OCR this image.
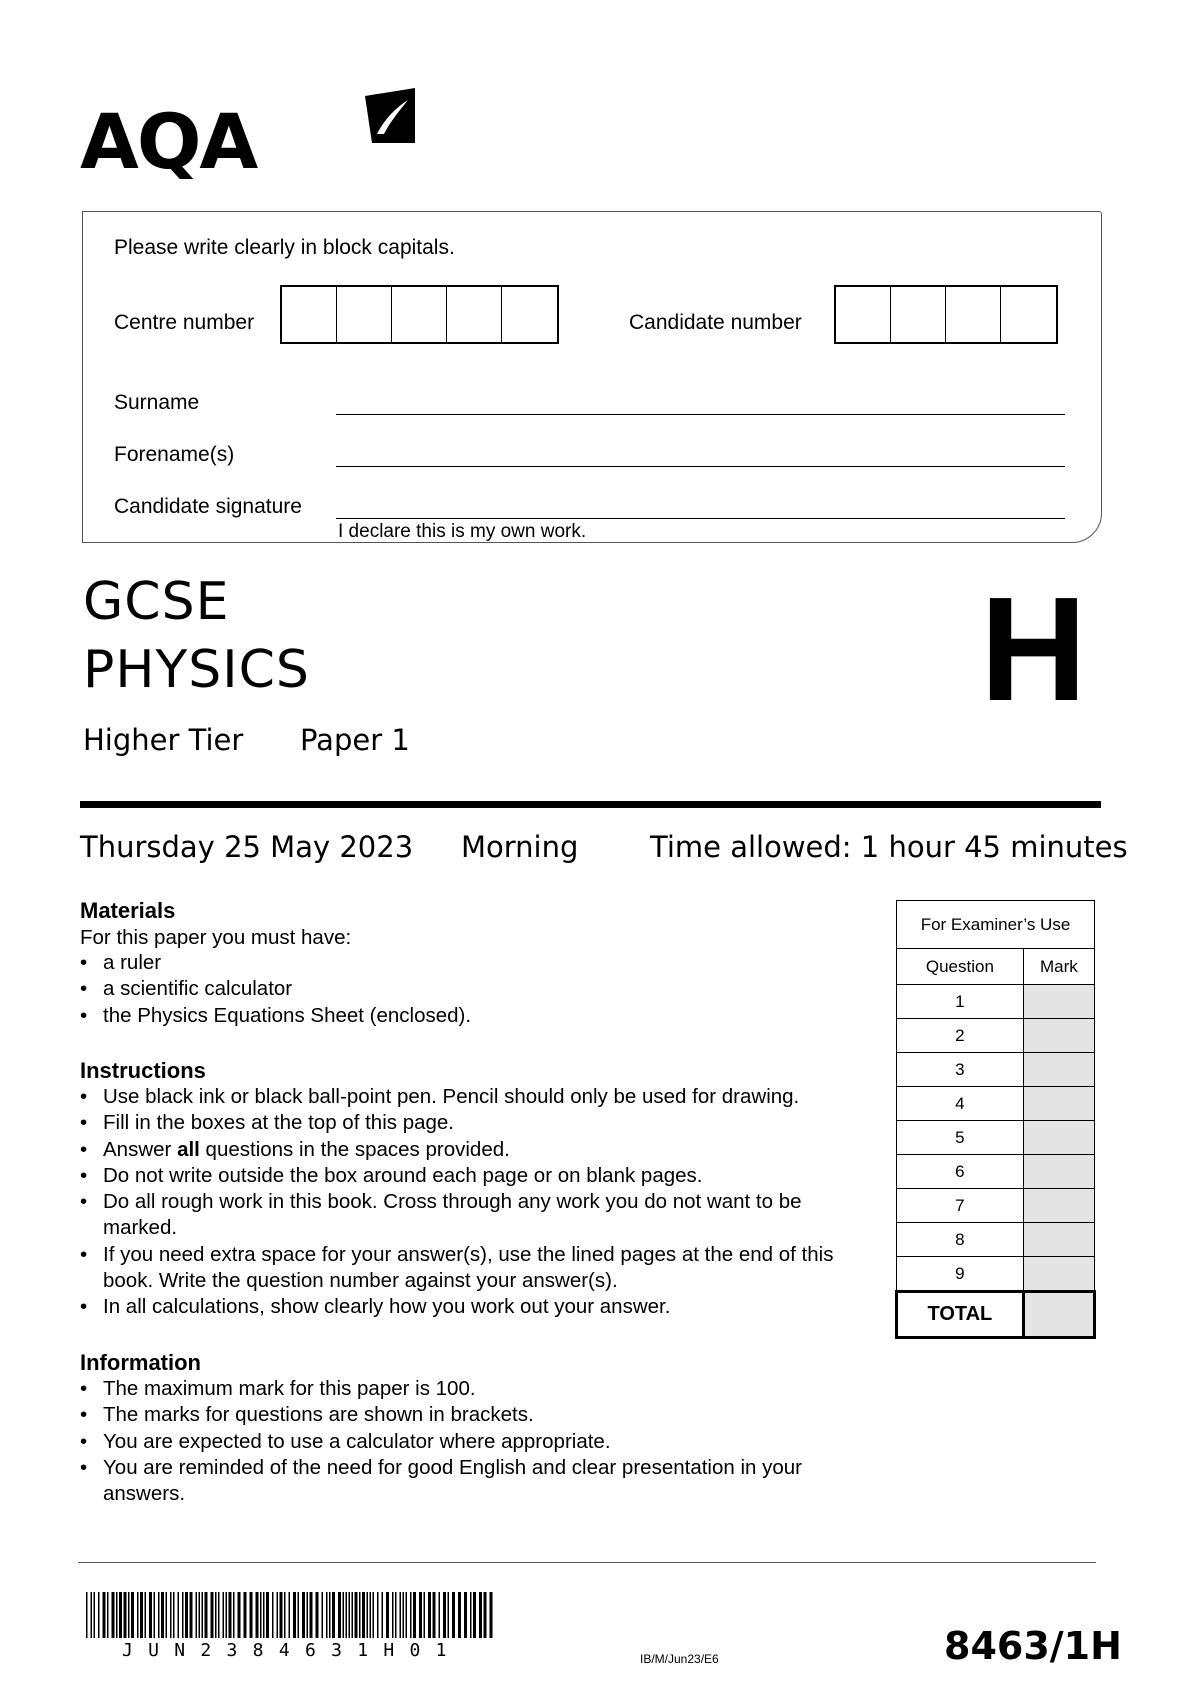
AQA
Please write clearly in block capitals.
Centre number	Candidate number
Surname
Forename(s)
Candidate signature
I declare this is my own work.
GCSE
PHYSICS
Higher Tier Paper 1
H
Thursday 25 May 2023 Morning Time allowed: 1 hour 45 minutes
Materials
For this paper you must have:
• a ruler
• a scientific calculator
• the Physics Equations Sheet (enclosed).
Instructions
• Use black ink or black ball-point pen. Pencil should only be used for drawing.
• Fill in the boxes at the top of this page.
• Answer all questions in the spaces provided.
• Do not write outside the box around each page or on blank pages.
• Do all rough work in this book. Cross through any work you do not want to be marked.
• If you need extra space for your answer(s), use the lined pages at the end of this book. Write the question number against your answer(s).
• In all calculations, show clearly how you work out your answer.
Information
• The maximum mark for this paper is 100.
• The marks for questions are shown in brackets.
• You are expected to use a calculator where appropriate.
• You are reminded of the need for good English and clear presentation in your answers.
For Examiner’s Use	
Question	Mark
1	
2	
3	
4	
5	
6	
7	
8	
9	
TOTAL	
JUN2384631H01	IB/M/Jun23/E6	8463/1H
